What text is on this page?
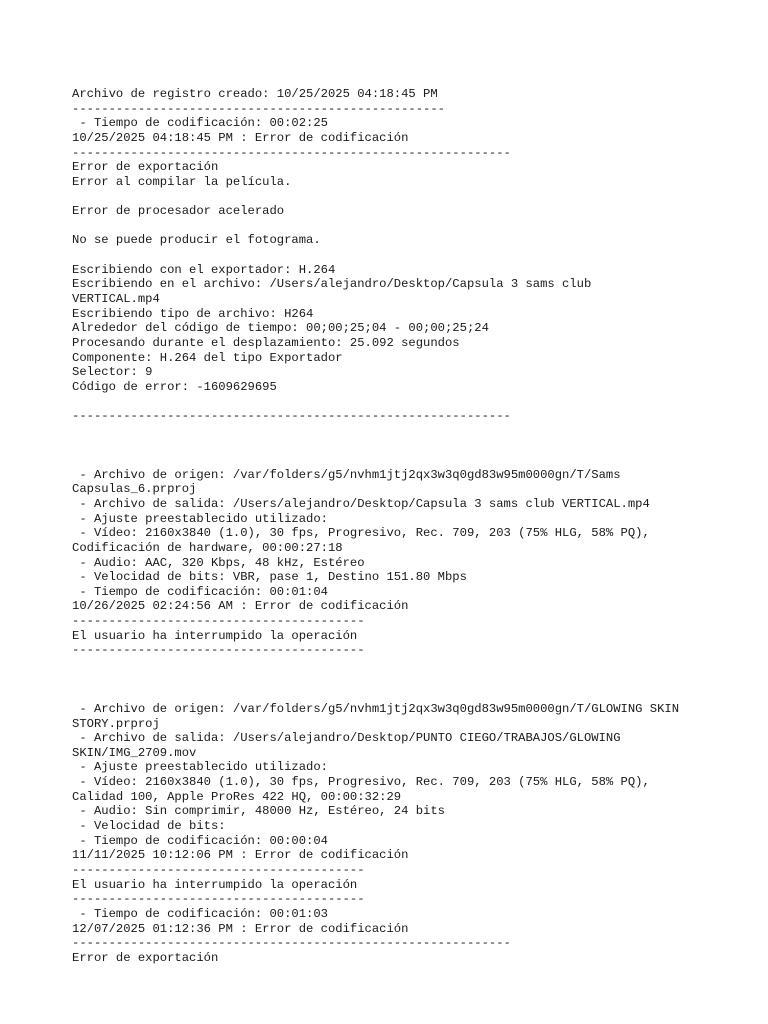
Archivo de registro creado: 10/25/2025 04:18:45 PM
---------------------------------------------------
- Tiempo de codificación: 00:02:25
10/25/2025 04:18:45 PM : Error de codificación
------------------------------------------------------------
Error de exportación
Error al compilar la película.
Error de procesador acelerado
No se puede producir el fotograma.
Escribiendo con el exportador: H.264
Escribiendo en el archivo: /Users/alejandro/Desktop/Capsula 3 sams club
VERTICAL.mp4
Escribiendo tipo de archivo: H264
Alrededor del código de tiempo: 00;00;25;04 - 00;00;25;24
Procesando durante el desplazamiento: 25.092 segundos
Componente: H.264 del tipo Exportador
Selector: 9
Código de error: -1609629695
------------------------------------------------------------
- Archivo de origen: /var/folders/g5/nvhm1jtj2qx3w3q0gd83w95m0000gn/T/Sams
Capsulas_6.prproj
- Archivo de salida: /Users/alejandro/Desktop/Capsula 3 sams club VERTICAL.mp4
- Ajuste preestablecido utilizado:
- Vídeo: 2160x3840 (1.0), 30 fps, Progresivo, Rec. 709, 203 (75% HLG, 58% PQ),
Codificación de hardware, 00:00:27:18
- Audio: AAC, 320 Kbps, 48 kHz, Estéreo
- Velocidad de bits: VBR, pase 1, Destino 151.80 Mbps
- Tiempo de codificación: 00:01:04
10/26/2025 02:24:56 AM : Error de codificación
----------------------------------------
El usuario ha interrumpido la operación
----------------------------------------
- Archivo de origen: /var/folders/g5/nvhm1jtj2qx3w3q0gd83w95m0000gn/T/GLOWING SKIN
STORY.prproj
- Archivo de salida: /Users/alejandro/Desktop/PUNTO CIEGO/TRABAJOS/GLOWING
SKIN/IMG_2709.mov
- Ajuste preestablecido utilizado:
- Vídeo: 2160x3840 (1.0), 30 fps, Progresivo, Rec. 709, 203 (75% HLG, 58% PQ),
Calidad 100, Apple ProRes 422 HQ, 00:00:32:29
- Audio: Sin comprimir, 48000 Hz, Estéreo, 24 bits
- Velocidad de bits:
- Tiempo de codificación: 00:00:04
11/11/2025 10:12:06 PM : Error de codificación
----------------------------------------
El usuario ha interrumpido la operación
----------------------------------------
- Tiempo de codificación: 00:01:03
12/07/2025 01:12:36 PM : Error de codificación
------------------------------------------------------------
Error de exportación
